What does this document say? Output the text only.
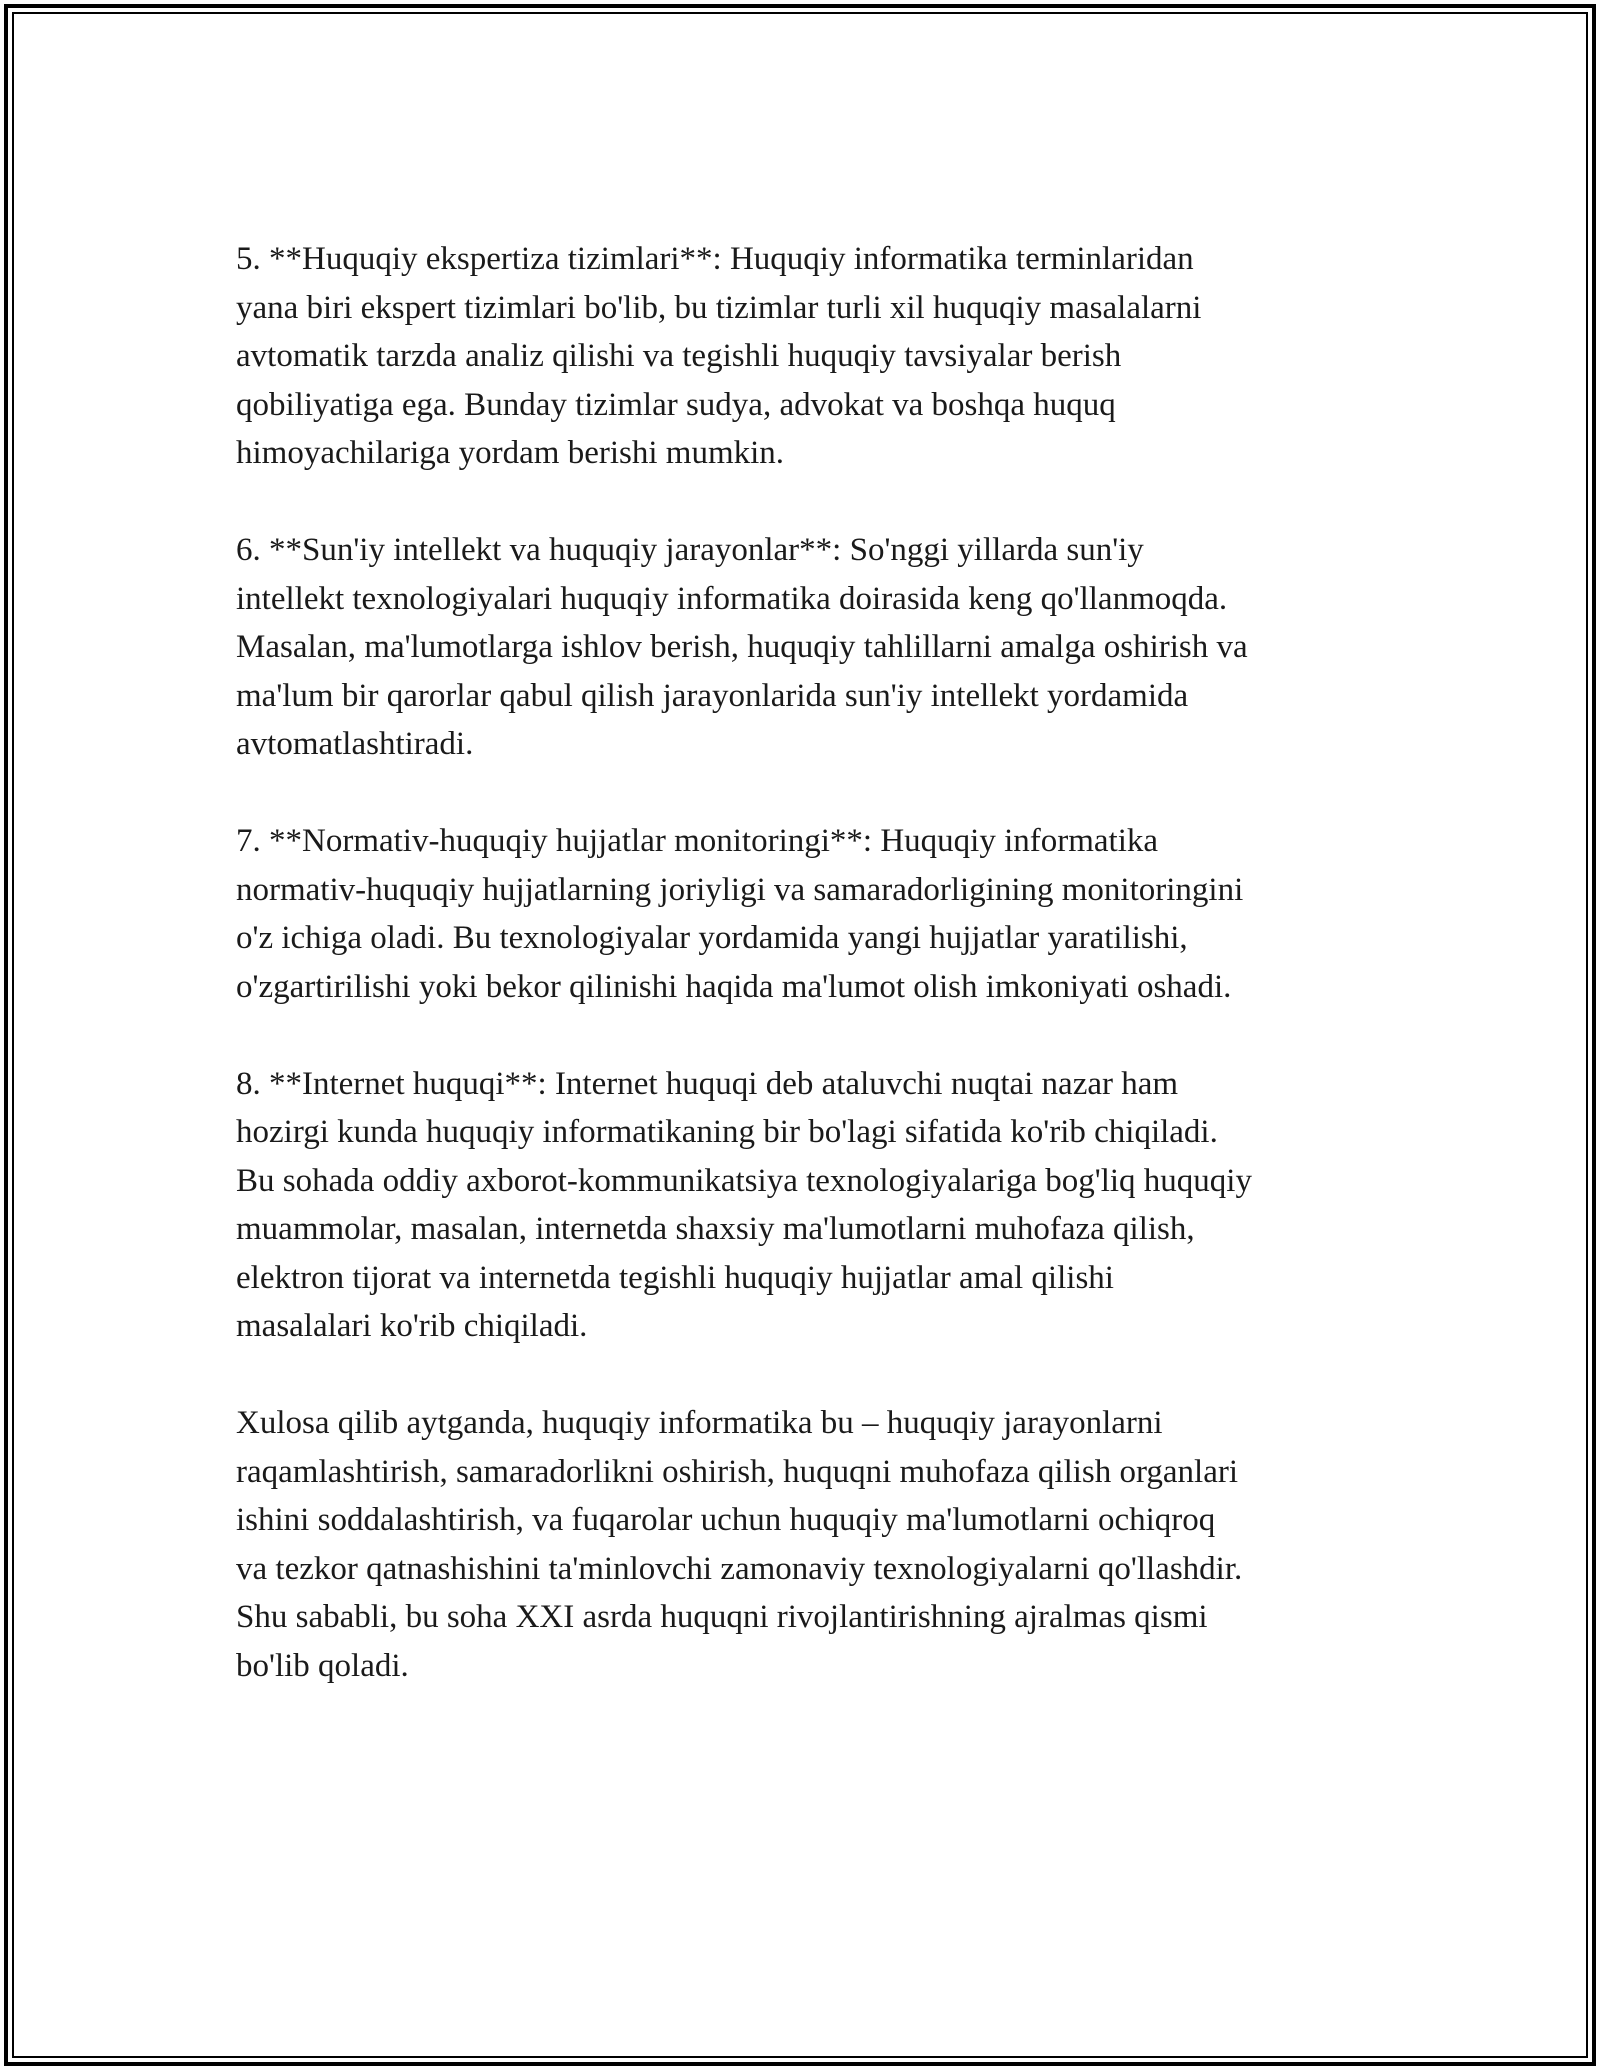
5. **Huquqiy ekspertiza tizimlari**: Huquqiy informatika terminlaridan
yana biri ekspert tizimlari bo'lib, bu tizimlar turli xil huquqiy masalalarni
avtomatik tarzda analiz qilishi va tegishli huquqiy tavsiyalar berish
qobiliyatiga ega. Bunday tizimlar sudya, advokat va boshqa huquq
himoyachilariga yordam berishi mumkin.

6. **Sun'iy intellekt va huquqiy jarayonlar**: So'nggi yillarda sun'iy
intellekt texnologiyalari huquqiy informatika doirasida keng qo'llanmoqda.
Masalan, ma'lumotlarga ishlov berish, huquqiy tahlillarni amalga oshirish va
ma'lum bir qarorlar qabul qilish jarayonlarida sun'iy intellekt yordamida
avtomatlashtiradi.

7. **Normativ-huquqiy hujjatlar monitoringi**: Huquqiy informatika
normativ-huquqiy hujjatlarning joriyligi va samaradorligining monitoringini
o'z ichiga oladi. Bu texnologiyalar yordamida yangi hujjatlar yaratilishi,
o'zgartirilishi yoki bekor qilinishi haqida ma'lumot olish imkoniyati oshadi.

8. **Internet huquqi**: Internet huquqi deb ataluvchi nuqtai nazar ham
hozirgi kunda huquqiy informatikaning bir bo'lagi sifatida ko'rib chiqiladi.
Bu sohada oddiy axborot-kommunikatsiya texnologiyalariga bog'liq huquqiy
muammolar, masalan, internetda shaxsiy ma'lumotlarni muhofaza qilish,
elektron tijorat va internetda tegishli huquqiy hujjatlar amal qilishi
masalalari ko'rib chiqiladi.

Xulosa qilib aytganda, huquqiy informatika bu – huquqiy jarayonlarni
raqamlashtirish, samaradorlikni oshirish, huquqni muhofaza qilish organlari
ishini soddalashtirish, va fuqarolar uchun huquqiy ma'lumotlarni ochiqroq
va tezkor qatnashishini ta'minlovchi zamonaviy texnologiyalarni qo'llashdir.
Shu sababli, bu soha XXI asrda huquqni rivojlantirishning ajralmas qismi
bo'lib qoladi.
